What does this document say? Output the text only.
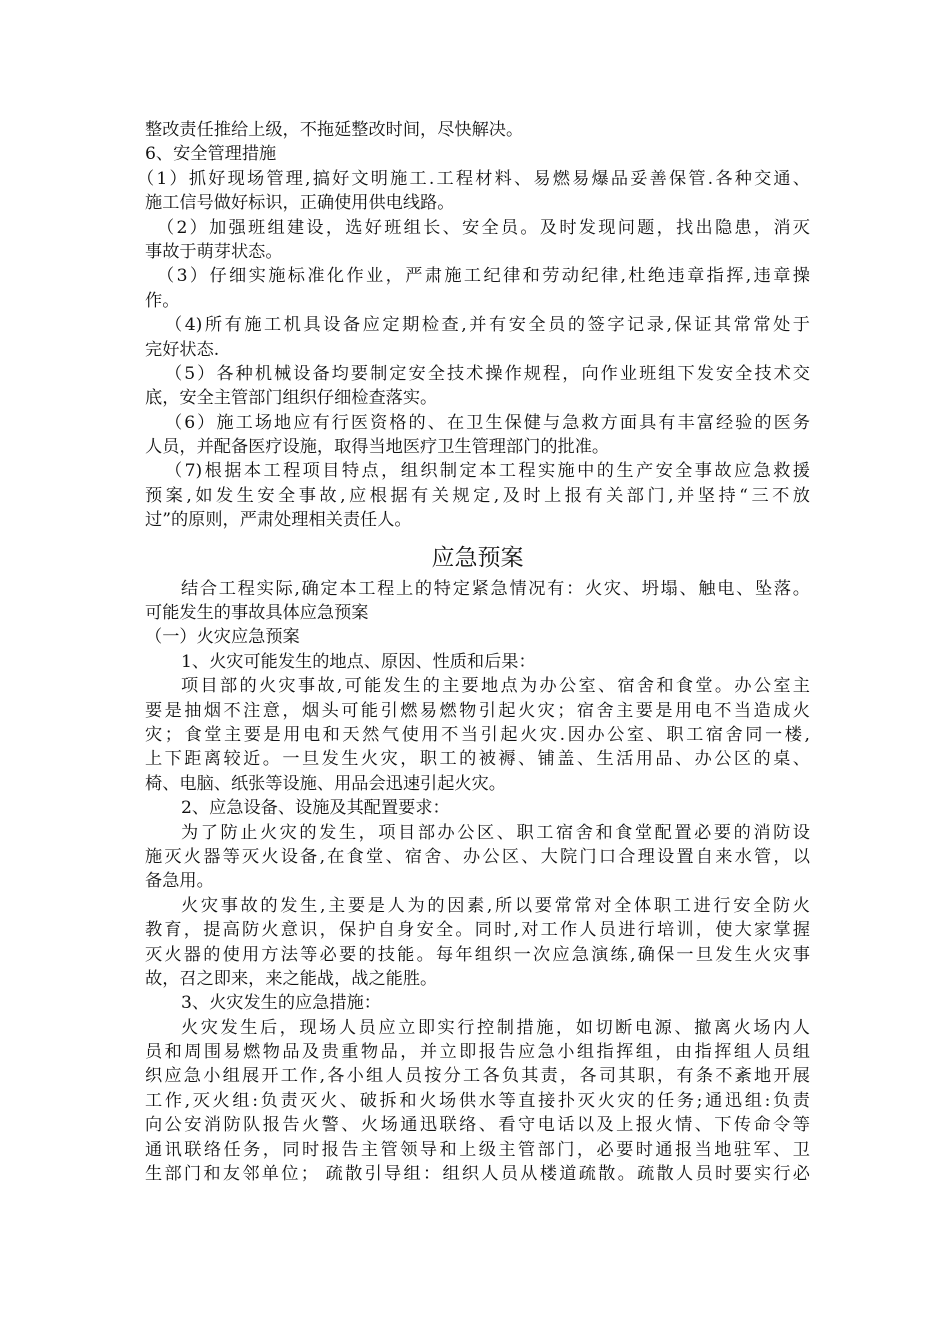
整改责任推给上级，不拖延整改时间，尽快解决。
6、安全管理措施
（1）抓好现场管理,搞好文明施工.工程材料、易燃易爆品妥善保管.各种交通、
施工信号做好标识，正确使用供电线路。
（2）加强班组建设，选好班组长、安全员。及时发现问题，找出隐患，消灭
事故于萌芽状态。
（3）仔细实施标准化作业，严肃施工纪律和劳动纪律,杜绝违章指挥,违章操
作。
（4)所有施工机具设备应定期检查,并有安全员的签字记录,保证其常常处于
完好状态.
（5）各种机械设备均要制定安全技术操作规程，向作业班组下发安全技术交
底，安全主管部门组织仔细检查落实。
（6）施工场地应有行医资格的、在卫生保健与急救方面具有丰富经验的医务
人员，并配备医疗设施，取得当地医疗卫生管理部门的批准。
（7)根据本工程项目特点，组织制定本工程实施中的生产安全事故应急救援
预案,如发生安全事故,应根据有关规定,及时上报有关部门,并坚持“三不放
过”的原则，严肃处理相关责任人。
应急预案
结合工程实际,确定本工程上的特定紧急情况有：火灾、坍塌、触电、坠落。
可能发生的事故具体应急预案
（一）火灾应急预案
1、火灾可能发生的地点、原因、性质和后果：
项目部的火灾事故,可能发生的主要地点为办公室、宿舍和食堂。办公室主
要是抽烟不注意，烟头可能引燃易燃物引起火灾；宿舍主要是用电不当造成火
灾；食堂主要是用电和天然气使用不当引起火灾.因办公室、职工宿舍同一楼,
上下距离较近。一旦发生火灾，职工的被褥、铺盖、生活用品、办公区的桌、
椅、电脑、纸张等设施、用品会迅速引起火灾。
2、应急设备、设施及其配置要求：
为了防止火灾的发生，项目部办公区、职工宿舍和食堂配置必要的消防设
施灭火器等灭火设备,在食堂、宿舍、办公区、大院门口合理设置自来水管，以
备急用。
火灾事故的发生,主要是人为的因素,所以要常常对全体职工进行安全防火
教育，提高防火意识，保护自身安全。同时,对工作人员进行培训，使大家掌握
灭火器的使用方法等必要的技能。每年组织一次应急演练,确保一旦发生火灾事
故，召之即来，来之能战，战之能胜。
3、火灾发生的应急措施：
火灾发生后，现场人员应立即实行控制措施，如切断电源、撤离火场内人
员和周围易燃物品及贵重物品，并立即报告应急小组指挥组，由指挥组人员组
织应急小组展开工作,各小组人员按分工各负其责，各司其职，有条不紊地开展
工作,灭火组:负责灭火、破拆和火场供水等直接扑灭火灾的任务;通迅组:负责
向公安消防队报告火警、火场通迅联络、看守电话以及上报火情、下传命令等
通讯联络任务，同时报告主管领导和上级主管部门，必要时通报当地驻军、卫
生部门和友邻单位； 疏散引导组：组织人员从楼道疏散。疏散人员时要实行必
